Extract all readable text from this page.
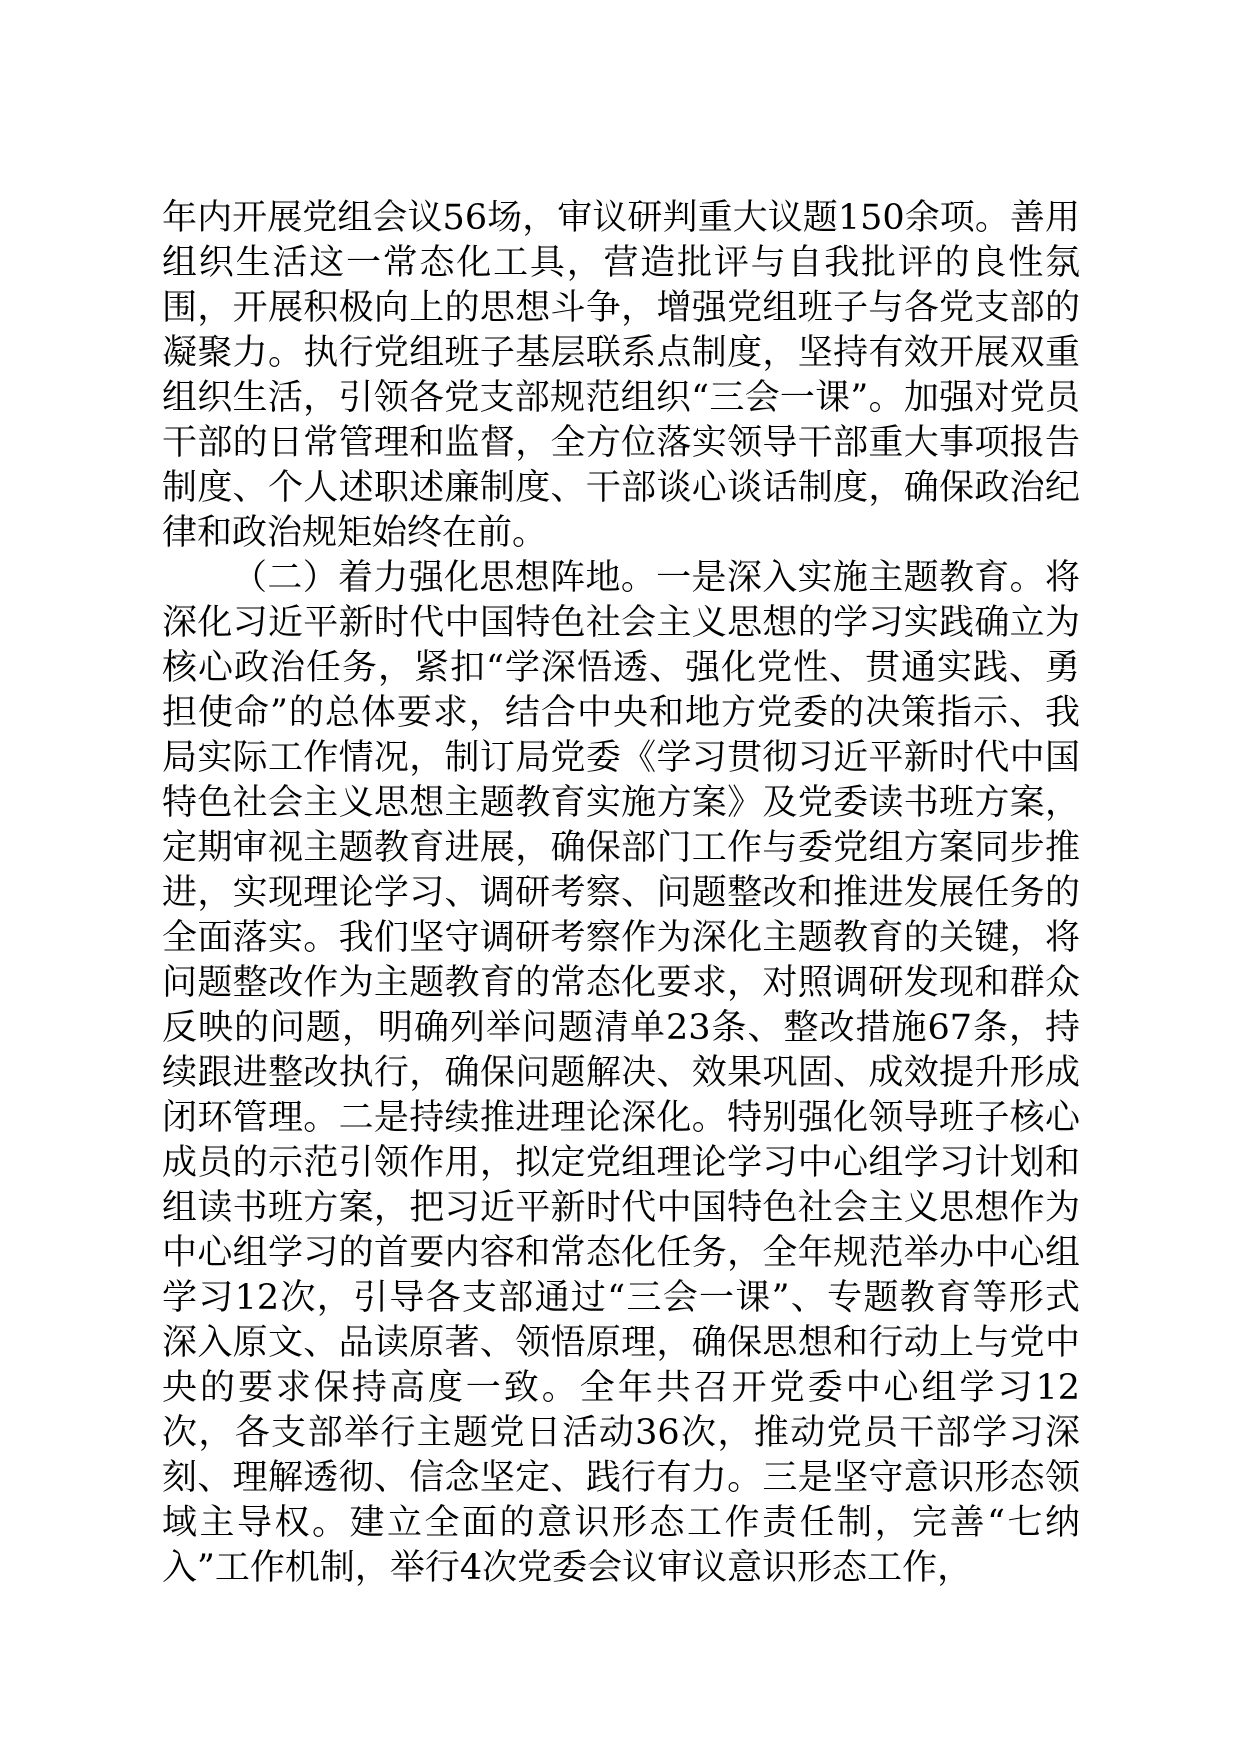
年内开展党组会议56场，审议研判重大议题150余项。善用组织生活这一常态化工具，营造批评与自我批评的良性氛围，开展积极向上的思想斗争，增强党组班子与各党支部的凝聚力。执行党组班子基层联系点制度，坚持有效开展双重组织生活，引领各党支部规范组织“三会一课”。加强对党员干部的日常管理和监督，全方位落实领导干部重大事项报告制度、个人述职述廉制度、干部谈心谈话制度，确保政治纪律和政治规矩始终在前。

（二）着力强化思想阵地。一是深入实施主题教育。将深化习近平新时代中国特色社会主义思想的学习实践确立为核心政治任务，紧扣“学深悟透、强化党性、贯通实践、勇担使命”的总体要求，结合中央和地方党委的决策指示、我局实际工作情况，制订局党委《学习贯彻习近平新时代中国特色社会主义思想主题教育实施方案》及党委读书班方案，定期审视主题教育进展，确保部门工作与委党组方案同步推进，实现理论学习、调研考察、问题整改和推进发展任务的全面落实。我们坚守调研考察作为深化主题教育的关键，将问题整改作为主题教育的常态化要求，对照调研发现和群众反映的问题，明确列举问题清单23条、整改措施67条，持续跟进整改执行，确保问题解决、效果巩固、成效提升形成闭环管理。二是持续推进理论深化。特别强化领导班子核心成员的示范引领作用，拟定党组理论学习中心组学习计划和组读书班方案，把习近平新时代中国特色社会主义思想作为中心组学习的首要内容和常态化任务，全年规范举办中心组学习12次，引导各支部通过“三会一课”、专题教育等形式深入原文、品读原著、领悟原理，确保思想和行动上与党中央的要求保持高度一致。全年共召开党委中心组学习12次，各支部举行主题党日活动36次，推动党员干部学习深刻、理解透彻、信念坚定、践行有力。三是坚守意识形态领域主导权。建立全面的意识形态工作责任制，完善“七纳入”工作机制，举行4次党委会议审议意识形态工作，
